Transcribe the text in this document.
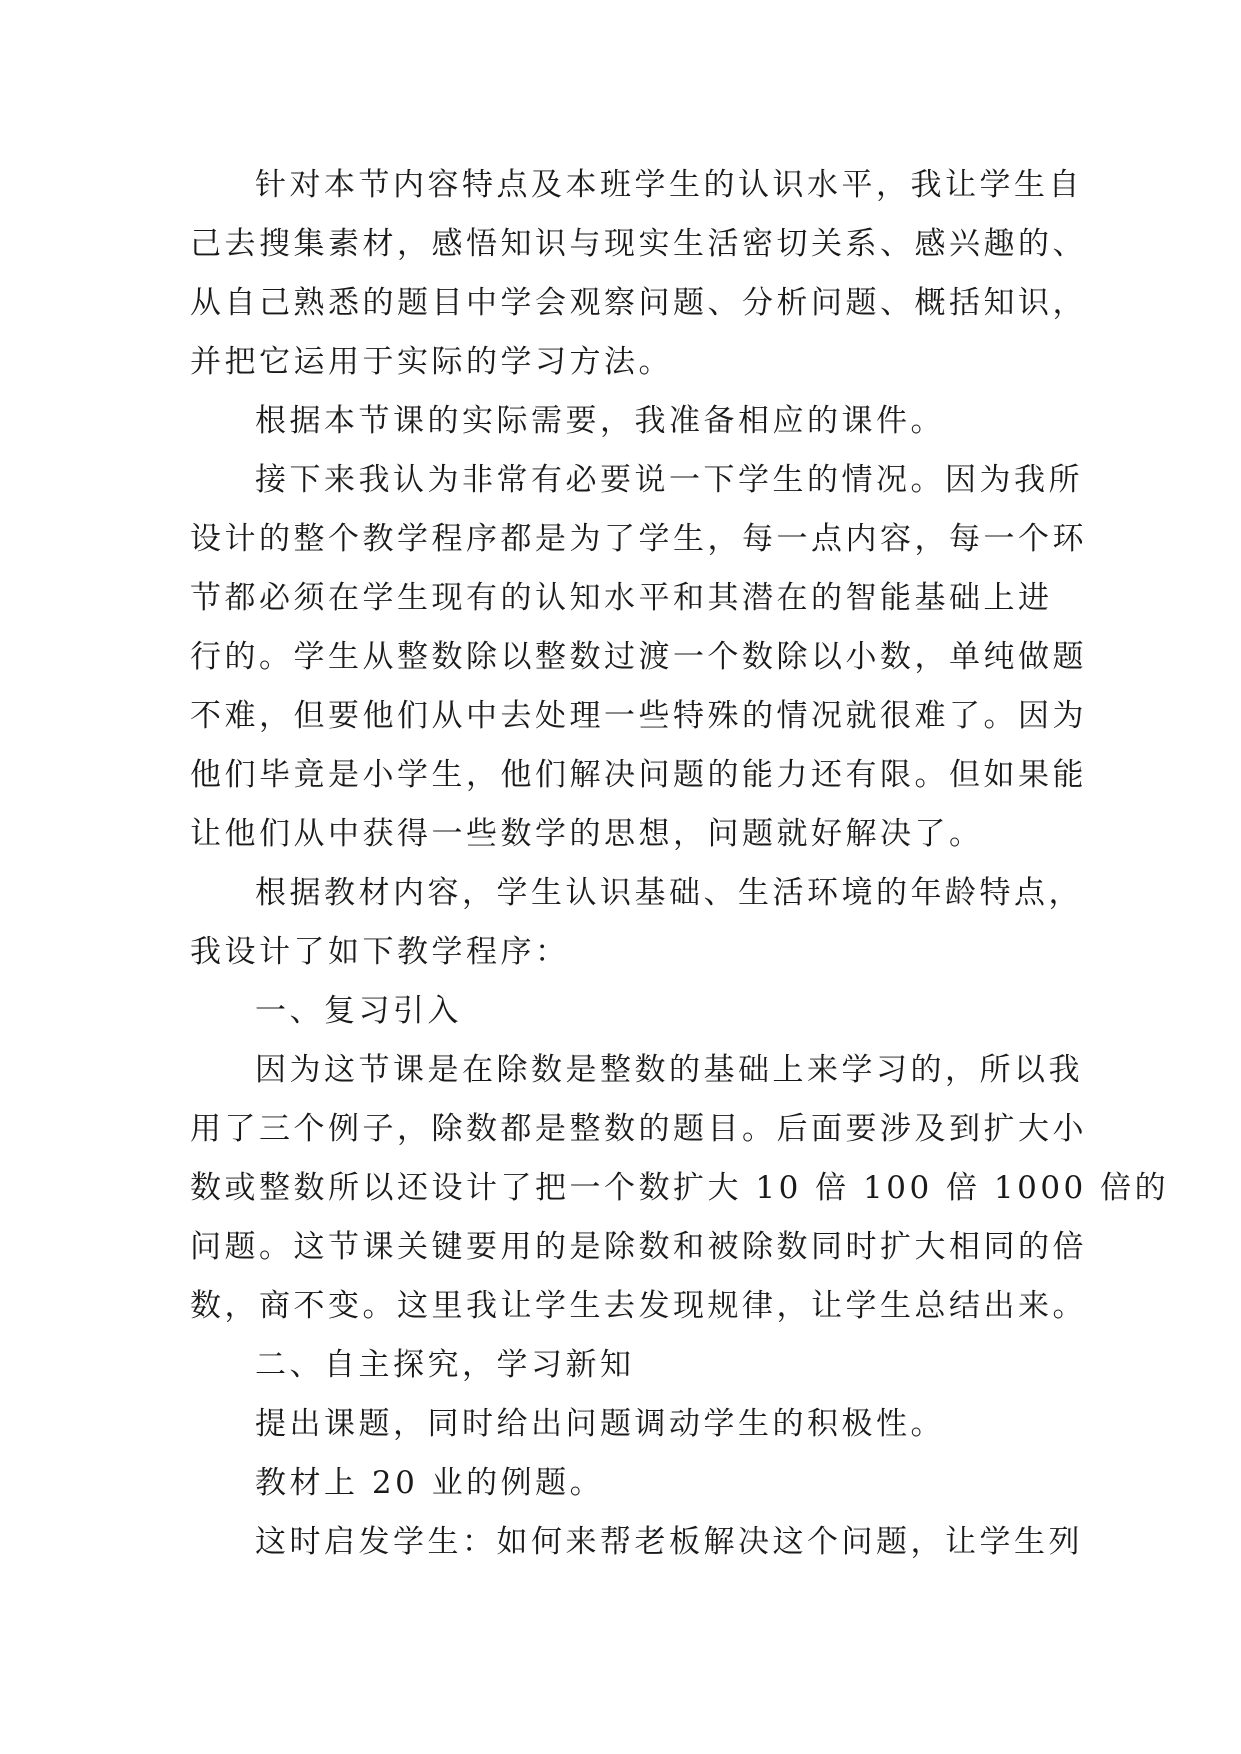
针对本节内容特点及本班学生的认识水平，我让学生自
己去搜集素材，感悟知识与现实生活密切关系、感兴趣的、
从自己熟悉的题目中学会观察问题、分析问题、概括知识，
并把它运用于实际的学习方法。
根据本节课的实际需要，我准备相应的课件。
接下来我认为非常有必要说一下学生的情况。因为我所
设计的整个教学程序都是为了学生，每一点内容，每一个环
节都必须在学生现有的认知水平和其潜在的智能基础上进
行的。学生从整数除以整数过渡一个数除以小数，单纯做题
不难，但要他们从中去处理一些特殊的情况就很难了。因为
他们毕竟是小学生，他们解决问题的能力还有限。但如果能
让他们从中获得一些数学的思想，问题就好解决了。
根据教材内容，学生认识基础、生活环境的年龄特点，
我设计了如下教学程序：
一、复习引入
因为这节课是在除数是整数的基础上来学习的，所以我
用了三个例子，除数都是整数的题目。后面要涉及到扩大小
数或整数所以还设计了把一个数扩大 10 倍 100 倍 1000 倍的
问题。这节课关键要用的是除数和被除数同时扩大相同的倍
数，商不变。这里我让学生去发现规律，让学生总结出来。
二、自主探究，学习新知
提出课题，同时给出问题调动学生的积极性。
教材上 20 业的例题。
这时启发学生：如何来帮老板解决这个问题，让学生列
